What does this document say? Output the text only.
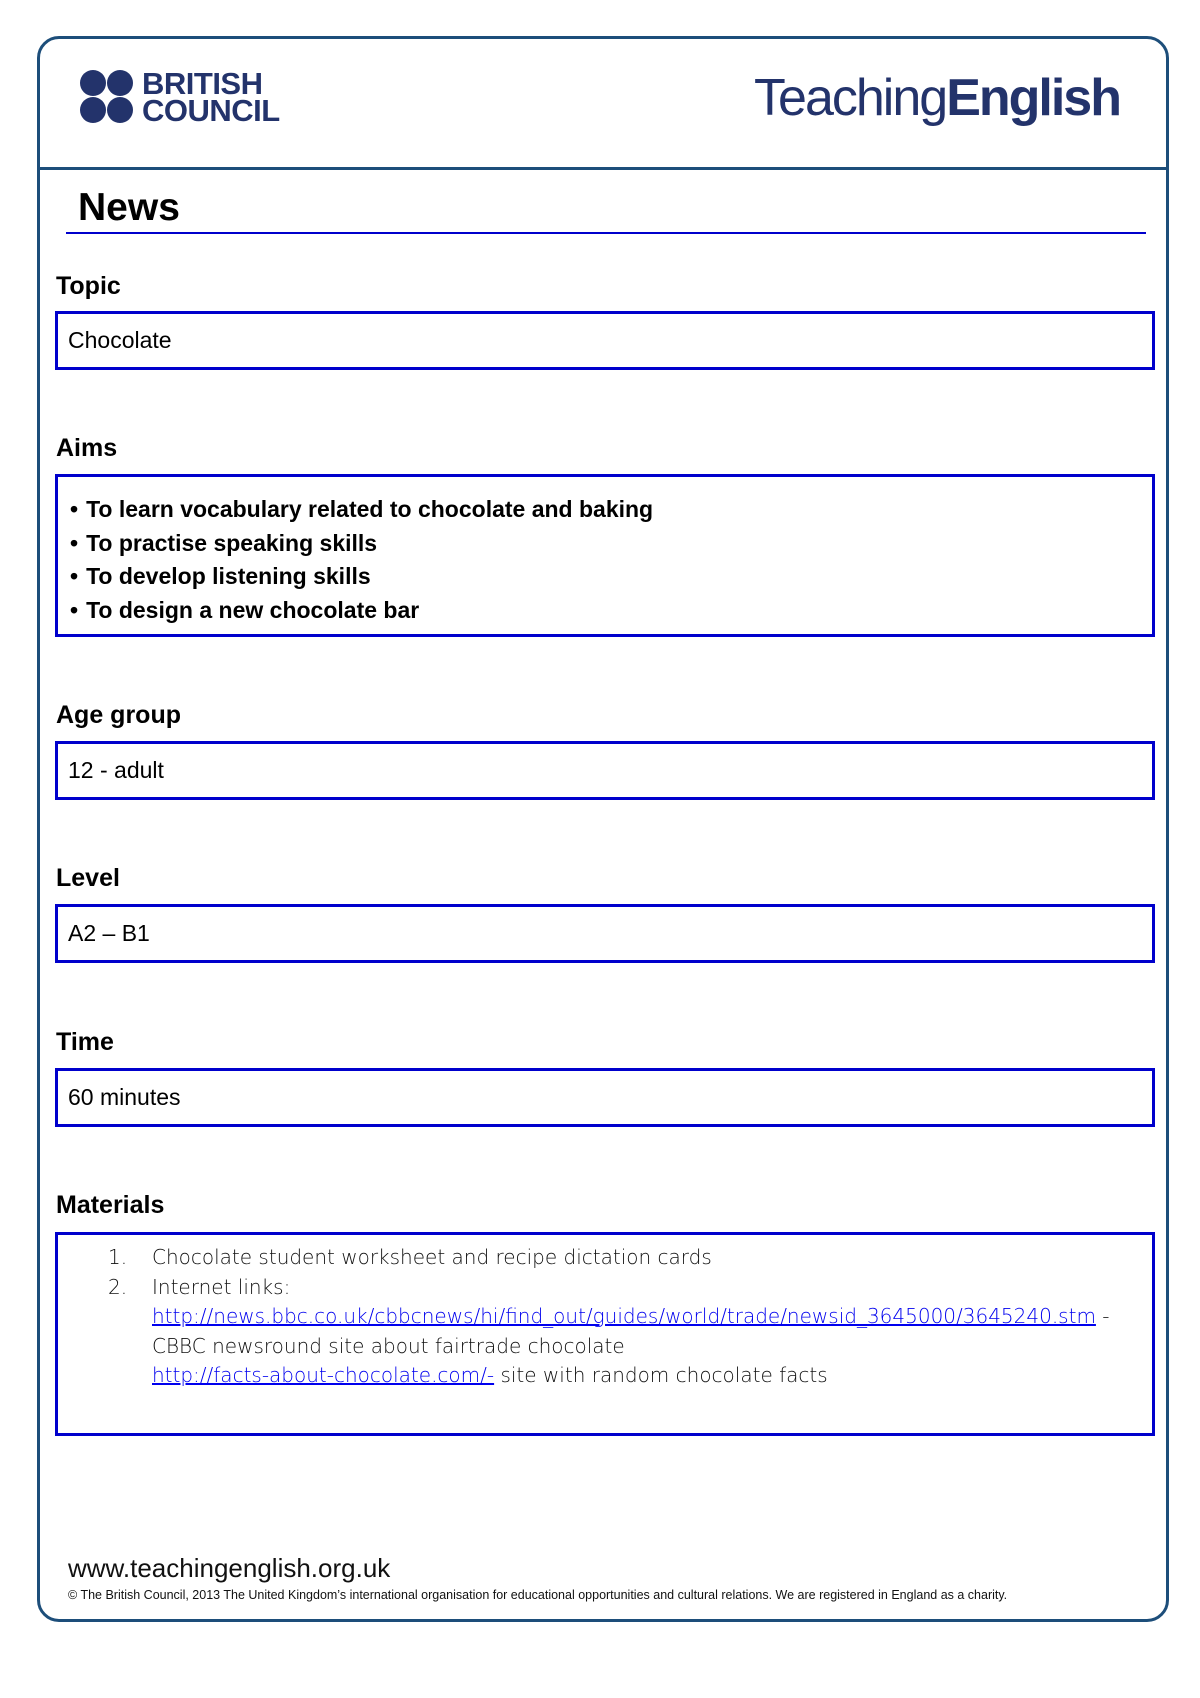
BRITISH
COUNCIL	TeachingEnglish
News
Topic
Chocolate
Aims
• To learn vocabulary related to chocolate and baking
• To practise speaking skills
• To develop listening skills
• To design a new chocolate bar
Age group
12 - adult
Level
A2 – B1
Time
60 minutes
Materials
1. Chocolate student worksheet and recipe dictation cards
2. Internet links:
http://news.bbc.co.uk/cbbcnews/hi/find_out/guides/world/trade/newsid_3645000/3645240.stm - CBBC newsround site about fairtrade chocolate
http://facts-about-chocolate.com/- site with random chocolate facts
www.teachingenglish.org.uk
© The British Council, 2013 The United Kingdom’s international organisation for educational opportunities and cultural relations. We are registered in England as a charity.
